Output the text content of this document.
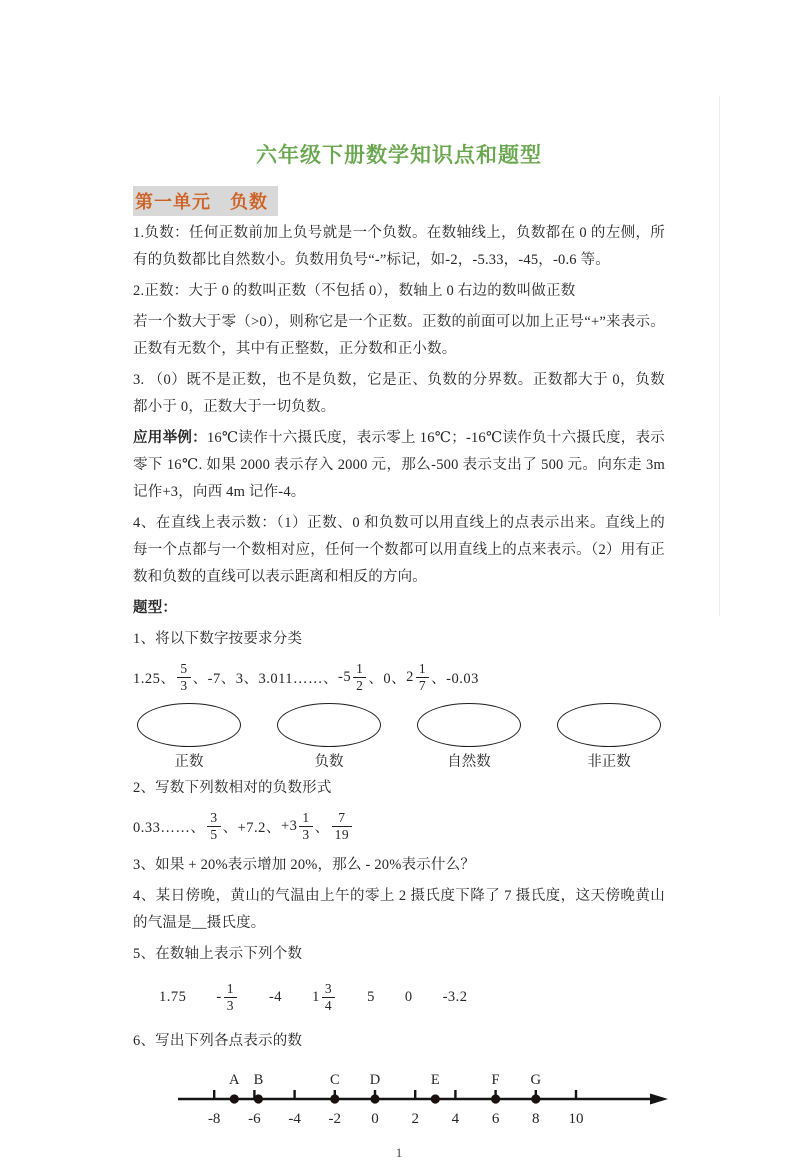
六年级下册数学知识点和题型
第一单元　负数

1.负数：任何正数前加上负号就是一个负数。在数轴线上，负数都在 0 的左侧，所有的负数都比自然数小。负数用负号“-”标记，如-2，-5.33，-45，-0.6 等。

2.正数：大于 0 的数叫正数（不包括 0），数轴上 0 右边的数叫做正数

若一个数大于零（>0），则称它是一个正数。正数的前面可以加上正号“+”来表示。正数有无数个，其中有正整数，正分数和正小数。

3. （0）既不是正数，也不是负数，它是正、负数的分界数。正数都大于 0，负数都小于 0，正数大于一切负数。

应用举例：16℃读作十六摄氏度，表示零上 16℃；-16℃读作负十六摄氏度，表示零下 16℃. 如果 2000 表示存入 2000 元，那么-500 表示支出了 500 元。向东走 3m 记作+3，向西 4m 记作-4。

4、在直线上表示数：（1）正数、0 和负数可以用直线上的点表示出来。直线上的每一个点都与一个数相对应，任何一个数都可以用直线上的点来表示。（2）用有正数和负数的直线可以表示距离和相反的方向。

题型：

1、将以下数字按要求分类

1.25、 $\frac{5}{3}$ 、-7、3、3.011……、 $-5 \frac{1}{2}$ 、0、 $2 \frac{1}{7}$ 、-0.03
正数	负数	自然数	非正数

2、写数下列数相对的负数形式

0.33……、 $\frac{3}{5}$ 、+7.2、 $+3 \frac{1}{3}$ 、 $\frac{7}{19}$

3、如果 + 20%表示增加 20%，那么 - 20%表示什么？

4、某日傍晚，黄山的气温由上午的零上 2 摄氏度下降了 7 摄氏度，这天傍晚黄山的气温是__摄氏度。

5、在数轴上表示下列个数

$1.75 - \frac{1}{3} -4$ $1 \frac{3}{4} 5$ 0 -3.2

6、写出下列各点表示的数

-8 -6 -4 -2 0 2 4 6 8 10
A B	C D	E	F G
1
